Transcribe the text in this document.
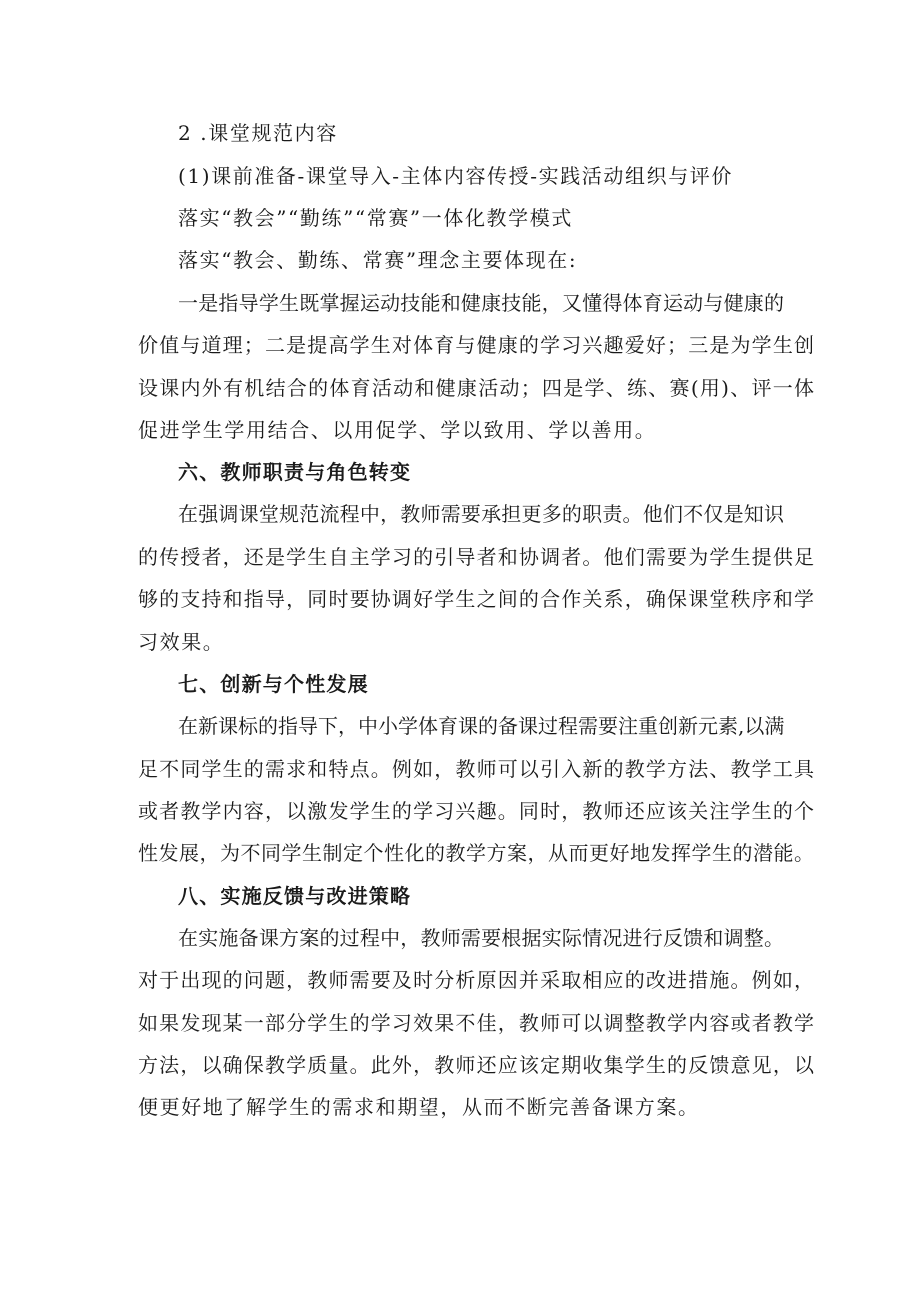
2 .课堂规范内容
(1)课前准备-课堂导入-主体内容传授-实践活动组织与评价
落实“教会”“勤练”“常赛”一体化教学模式
落实“教会、勤练、常赛”理念主要体现在:
一是指导学生既掌握运动技能和健康技能，又懂得体育运动与健康的
价值与道理；二是提高学生对体育与健康的学习兴趣爱好；三是为学生创
设课内外有机结合的体育活动和健康活动；四是学、练、赛(用)、评一体
促进学生学用结合、以用促学、学以致用、学以善用。
六、教师职责与角色转变
在强调课堂规范流程中，教师需要承担更多的职责。他们不仅是知识
的传授者，还是学生自主学习的引导者和协调者。他们需要为学生提供足
够的支持和指导，同时要协调好学生之间的合作关系，确保课堂秩序和学
习效果。
七、创新与个性发展
在新课标的指导下，中小学体育课的备课过程需要注重创新元素,以满
足不同学生的需求和特点。例如，教师可以引入新的教学方法、教学工具
或者教学内容，以激发学生的学习兴趣。同时，教师还应该关注学生的个
性发展，为不同学生制定个性化的教学方案，从而更好地发挥学生的潜能。
八、实施反馈与改进策略
在实施备课方案的过程中，教师需要根据实际情况进行反馈和调整。
对于出现的问题，教师需要及时分析原因并采取相应的改进措施。例如，
如果发现某一部分学生的学习效果不佳，教师可以调整教学内容或者教学
方法，以确保教学质量。此外，教师还应该定期收集学生的反馈意见，以
便更好地了解学生的需求和期望，从而不断完善备课方案。
